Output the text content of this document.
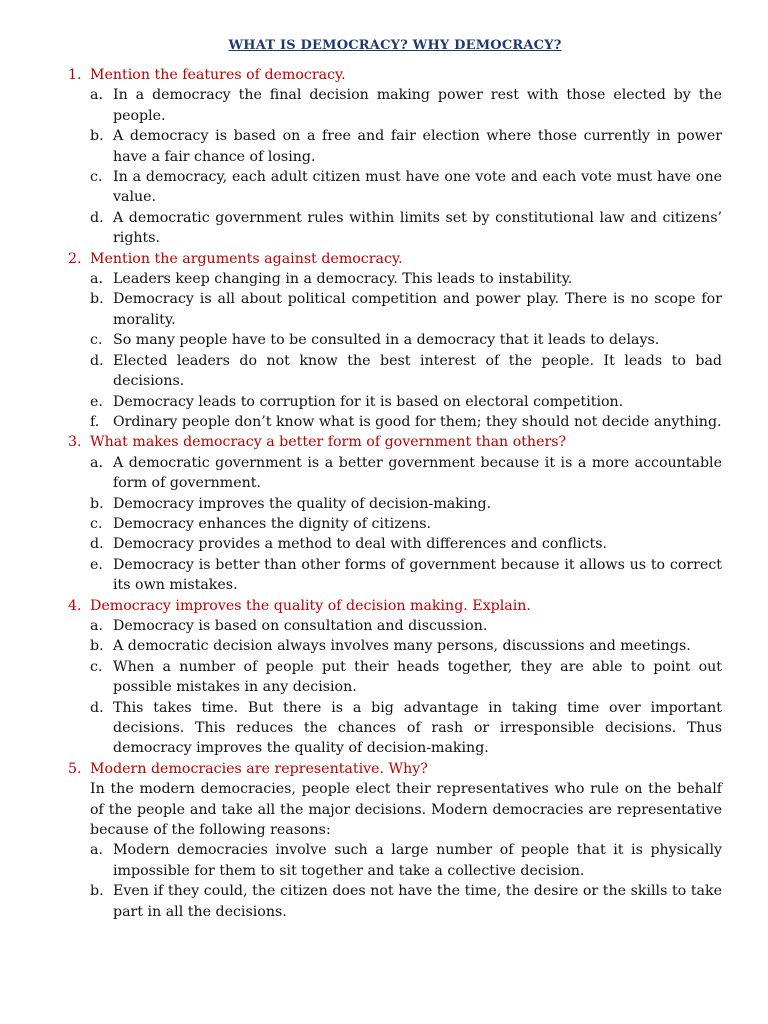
WHAT IS DEMOCRACY? WHY DEMOCRACY?
1. Mention the features of democracy.
a. In a democracy the final decision making power rest with those elected by the people.
b. A democracy is based on a free and fair election where those currently in power have a fair chance of losing.
c. In a democracy, each adult citizen must have one vote and each vote must have one value.
d. A democratic government rules within limits set by constitutional law and citizens’ rights.
2. Mention the arguments against democracy.
a. Leaders keep changing in a democracy. This leads to instability.
b. Democracy is all about political competition and power play. There is no scope for morality.
c. So many people have to be consulted in a democracy that it leads to delays.
d. Elected leaders do not know the best interest of the people. It leads to bad decisions.
e. Democracy leads to corruption for it is based on electoral competition.
f. Ordinary people don’t know what is good for them; they should not decide anything.
3. What makes democracy a better form of government than others?
a. A democratic government is a better government because it is a more accountable form of government.
b. Democracy improves the quality of decision-making.
c. Democracy enhances the dignity of citizens.
d. Democracy provides a method to deal with differences and conflicts.
e. Democracy is better than other forms of government because it allows us to correct its own mistakes.
4. Democracy improves the quality of decision making. Explain.
a. Democracy is based on consultation and discussion.
b. A democratic decision always involves many persons, discussions and meetings.
c. When a number of people put their heads together, they are able to point out possible mistakes in any decision.
d. This takes time. But there is a big advantage in taking time over important decisions. This reduces the chances of rash or irresponsible decisions. Thus democracy improves the quality of decision-making.
5. Modern democracies are representative. Why?
In the modern democracies, people elect their representatives who rule on the behalf of the people and take all the major decisions. Modern democracies are representative because of the following reasons:
a. Modern democracies involve such a large number of people that it is physically impossible for them to sit together and take a collective decision.
b. Even if they could, the citizen does not have the time, the desire or the skills to take part in all the decisions.
